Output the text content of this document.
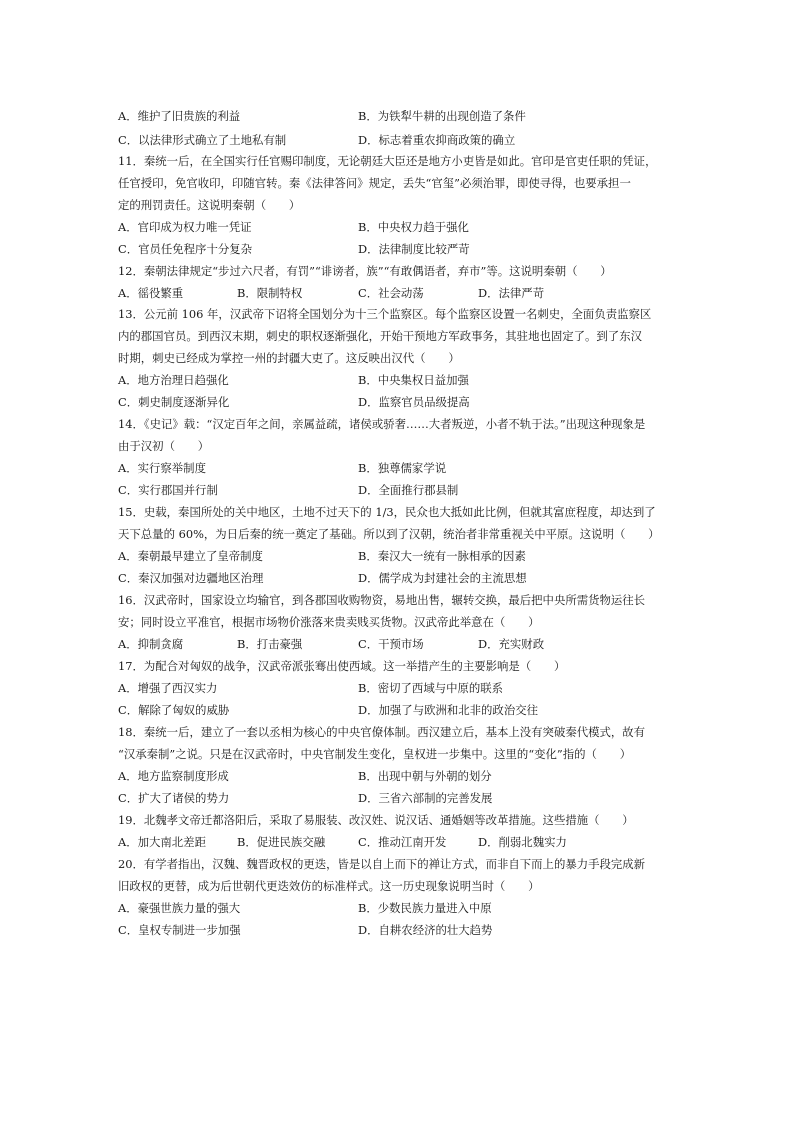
A．维护了旧贵族的利益	B．为铁犁牛耕的出现创造了条件
C．以法律形式确立了土地私有制	D．标志着重农抑商政策的确立
11．秦统一后，在全国实行任官赐印制度，无论朝廷大臣还是地方小吏皆是如此。官印是官吏任职的凭证，
任官授印，免官收印，印随官转。秦《法律答问》规定，丢失“官玺”必须治罪，即使寻得，也要承担一
定的刑罚责任。这说明秦朝（　　）
A．官印成为权力唯一凭证	B．中央权力趋于强化
C．官员任免程序十分复杂	D．法律制度比较严苛
12．秦朝法律规定“步过六尺者，有罚”“诽谤者，族”“有敢偶语者，弃市”等。这说明秦朝（　　）
A．徭役繁重	B．限制特权	C．社会动荡	D．法律严苛
13．公元前 106 年，汉武帝下诏将全国划分为十三个监察区。每个监察区设置一名刺史，全面负责监察区
内的郡国官员。到西汉末期，刺史的职权逐渐强化，开始干预地方军政事务，其驻地也固定了。到了东汉
时期，刺史已经成为掌控一州的封疆大吏了。这反映出汉代（　　）
A．地方治理日趋强化	B．中央集权日益加强
C．刺史制度逐渐异化	D．监察官员品级提高
14．《史记》载：“汉定百年之间，亲属益疏，诸侯或骄奢……大者叛逆，小者不轨于法。”出现这种现象是
由于汉初（　　）
A．实行察举制度	B．独尊儒家学说
C．实行郡国并行制	D．全面推行郡县制
15．史载，秦国所处的关中地区，土地不过天下的 1/3，民众也大抵如此比例，但就其富庶程度，却达到了
天下总量的 60%，为日后秦的统一奠定了基础。所以到了汉朝，统治者非常重视关中平原。这说明（　　）
A．秦朝最早建立了皇帝制度	B．秦汉大一统有一脉相承的因素
C．秦汉加强对边疆地区治理	D．儒学成为封建社会的主流思想
16．汉武帝时，国家设立均输官，到各郡国收购物资，易地出售，辗转交换，最后把中央所需货物运往长
安；同时设立平准官，根据市场物价涨落来贵卖贱买货物。汉武帝此举意在（　　）
A．抑制贪腐	B．打击豪强	C．干预市场	D．充实财政
17．为配合对匈奴的战争，汉武帝派张骞出使西域。这一举措产生的主要影响是（　　）
A．增强了西汉实力	B．密切了西域与中原的联系
C．解除了匈奴的威胁	D．加强了与欧洲和北非的政治交往
18．秦统一后，建立了一套以丞相为核心的中央官僚体制。西汉建立后，基本上没有突破秦代模式，故有
“汉承秦制”之说。只是在汉武帝时，中央官制发生变化，皇权进一步集中。这里的“变化”指的（　　）
A．地方监察制度形成	B．出现中朝与外朝的划分
C．扩大了诸侯的势力	D．三省六部制的完善发展
19．北魏孝文帝迁都洛阳后，采取了易服装、改汉姓、说汉话、通婚姻等改革措施。这些措施（　　）
A．加大南北差距	B．促进民族交融	C．推动江南开发	D．削弱北魏实力
20．有学者指出，汉魏、魏晋政权的更迭，皆是以自上而下的禅让方式，而非自下而上的暴力手段完成新
旧政权的更替，成为后世朝代更迭效仿的标准样式。这一历史现象说明当时（　　）
A．豪强世族力量的强大	B．少数民族力量进入中原
C．皇权专制进一步加强	D．自耕农经济的壮大趋势
